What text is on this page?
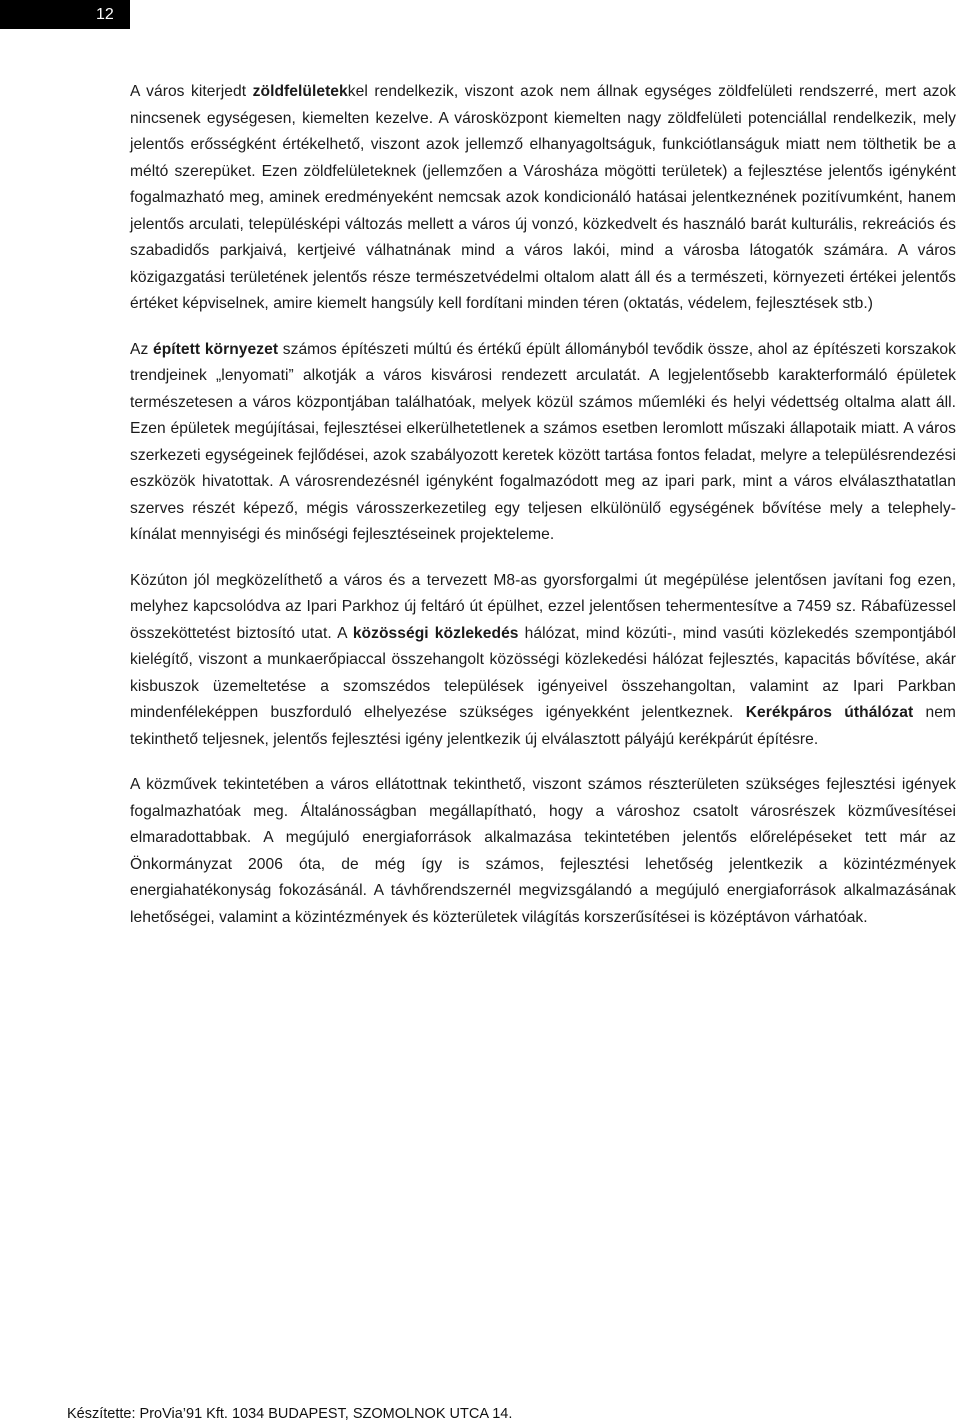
12

A város kiterjedt zöldfelületekkel rendelkezik, viszont azok nem állnak egységes zöldfelületi rendszerré, mert azok nincsenek egységesen, kiemelten kezelve. A városközpont kiemelten nagy zöldfelületi potenciállal rendelkezik, mely jelentős erősségként értékelhető, viszont azok jellemző elhanyagoltságuk, funkciótlanságuk miatt nem tölthetik be a méltó szerepüket. Ezen zöldfelületeknek (jellemzően a Városháza mögötti területek) a fejlesztése jelentős igényként fogalmazható meg, aminek eredményeként nemcsak azok kondicionáló hatásai jelentkeznének pozitívumként, hanem jelentős arculati, településképi változás mellett a város új vonzó, közkedvelt és használó barát kulturális, rekreációs és szabadidős parkjaivá, kertjeivé válhatnának mind a város lakói, mind a városba látogatók számára. A város közigazgatási területének jelentős része természetvédelmi oltalom alatt áll és a természeti, környezeti értékei jelentős értéket képviselnek, amire kiemelt hangsúly kell fordítani minden téren (oktatás, védelem, fejlesztések stb.)

Az épített környezet számos építészeti múltú és értékű épült állományból tevődik össze, ahol az építészeti korszakok trendjeinek „lenyomati” alkotják a város kisvárosi rendezett arculatát. A legjelentősebb karakterformáló épületek természetesen a város központjában találhatóak, melyek közül számos műemléki és helyi védettség oltalma alatt áll. Ezen épületek megújításai, fejlesztései elkerülhetetlenek a számos esetben leromlott műszaki állapotaik miatt. A város szerkezeti egységeinek fejlődései, azok szabályozott keretek között tartása fontos feladat, melyre a településrendezési eszközök hivatottak. A városrendezésnél igényként fogalmazódott meg az ipari park, mint a város elválaszthatatlan szerves részét képező, mégis városszerkezetileg egy teljesen elkülönülő egységének bővítése mely a telephely-kínálat mennyiségi és minőségi fejlesztéseinek projekteleme.

Közúton jól megközelíthető a város és a tervezett M8-as gyorsforgalmi út megépülése jelentősen javítani fog ezen, melyhez kapcsolódva az Ipari Parkhoz új feltáró út épülhet, ezzel jelentősen tehermentesítve a 7459 sz. Rábafüzessel összeköttetést biztosító utat. A közösségi közlekedés hálózat, mind közúti-, mind vasúti közlekedés szempontjából kielégítő, viszont a munkaerőpiaccal összehangolt közösségi közlekedési hálózat fejlesztés, kapacitás bővítése, akár kisbuszok üzemeltetése a szomszédos települések igényeivel összehangoltan, valamint az Ipari Parkban mindenféleképpen buszforduló elhelyezése szükséges igényekként jelentkeznek. Kerékpáros úthálózat nem tekinthető teljesnek, jelentős fejlesztési igény jelentkezik új elválasztott pályájú kerékpárút építésre.

A közművek tekintetében a város ellátottnak tekinthető, viszont számos részterületen szükséges fejlesztési igények fogalmazhatóak meg. Általánosságban megállapítható, hogy a városhoz csatolt városrészek közművesítései elmaradottabbak. A megújuló energiaforrások alkalmazása tekintetében jelentős előrelépéseket tett már az Önkormányzat 2006 óta, de még így is számos, fejlesztési lehetőség jelentkezik a közintézmények energiahatékonyság fokozásánál. A távhőrendszernél megvizsgálandó a megújuló energiaforrások alkalmazásának lehetőségei, valamint a közintézmények és közterületek világítás korszerűsítései is középtávon várhatóak.

Készítette: ProVia’91 Kft. 1034 BUDAPEST, SZOMOLNOK UTCA 14.
